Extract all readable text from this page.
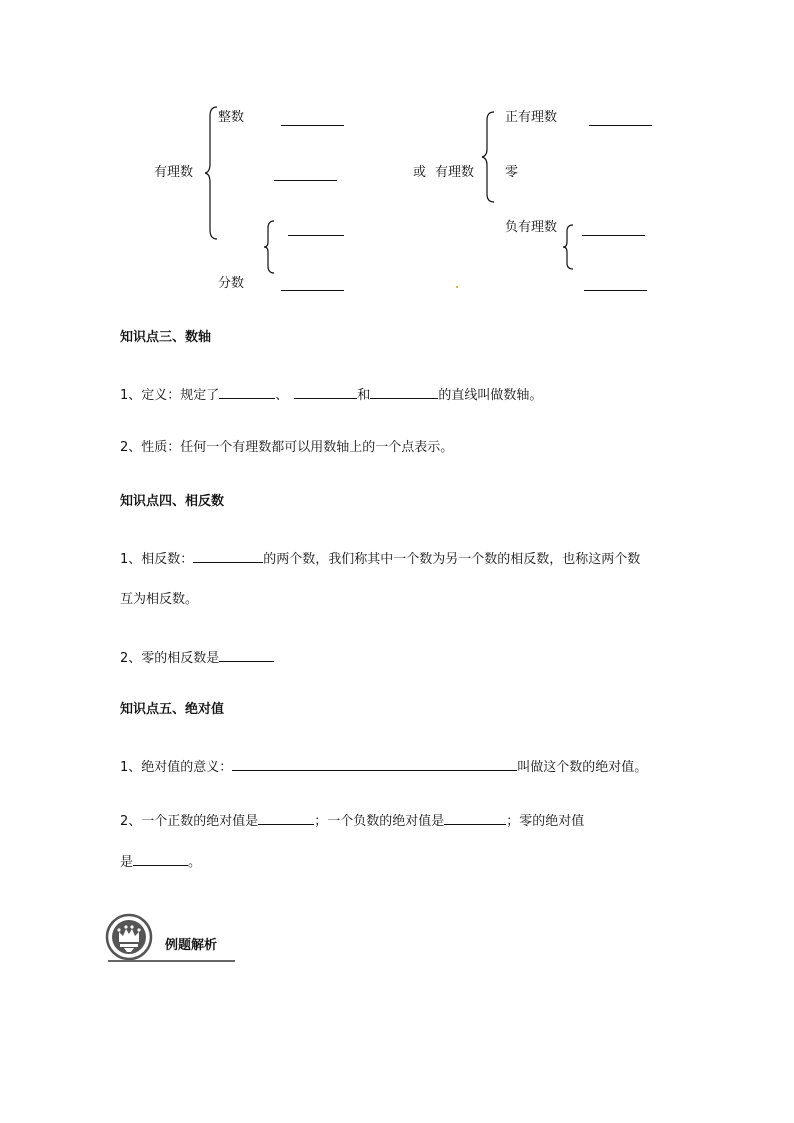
有理数
整数
分数
或 有理数
正有理数
零
负有理数
知识点三、数轴
1、定义：规定了	、	和	的直线叫做数轴。
2、性质：任何一个有理数都可以用数轴上的一个点表示。
知识点四、相反数
1、相反数：	的两个数，我们称其中一个数为另一个数的相反数，也称这两个数
互为相反数。
2、零的相反数是
知识点五、绝对值
1、绝对值的意义：	叫做这个数的绝对值。
2、一个正数的绝对值是	；一个负数的绝对值是	；零的绝对值
是	。
例题解析
